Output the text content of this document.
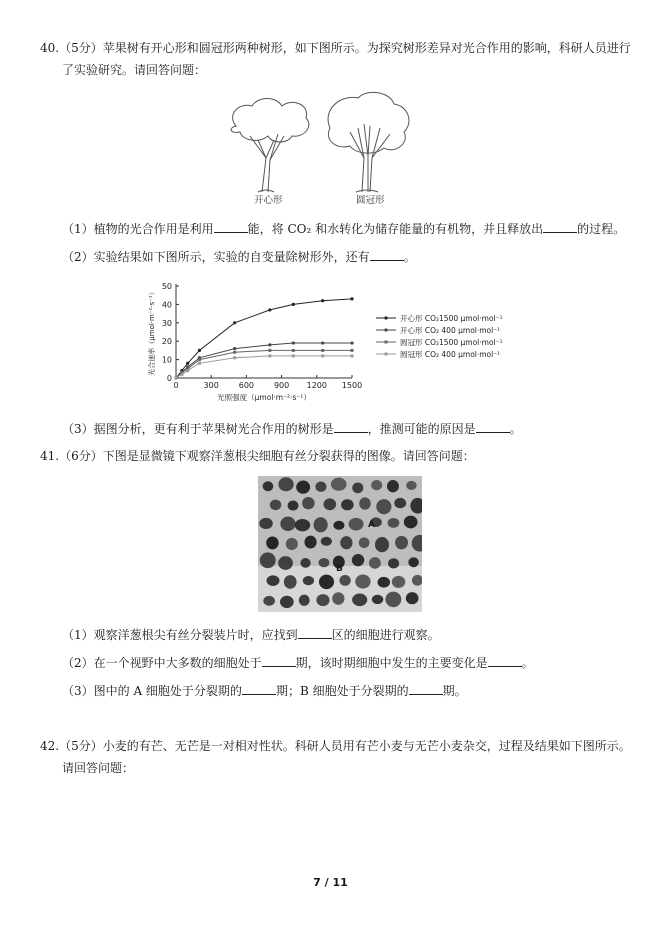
40.（5分）苹果树有开心形和圆冠形两种树形，如下图所示。为探究树形差异对光合作用的影响，科研人员进行
了实验研究。请回答问题：
开心形	圆冠形
（1）植物的光合作用是利用	能，将 CO₂ 和水转化为储存能量的有机物，并且释放出	的过程。
（2）实验结果如下图所示，实验的自变量除树形外，还有	。
0	300 600 900 1200 1500
0
10
20
30
40
50
光照强度（μmol·m⁻²·s⁻¹）
光合速率（μmol·m⁻²·s⁻¹）	开心形 CO₂1500 μmol·mol⁻¹
开心形 CO₂ 400 μmol·mol⁻¹
圆冠形 CO₂1500 μmol·mol⁻¹
圆冠形 CO₂ 400 μmol·mol⁻¹
（3）据图分析，更有利于苹果树光合作用的树形是	，推测可能的原因是	。
41.（6分）下图是显微镜下观察洋葱根尖细胞有丝分裂获得的图像。请回答问题：
A
B
（1）观察洋葱根尖有丝分裂装片时，应找到	区的细胞进行观察。
（2）在一个视野中大多数的细胞处于	期，该时期细胞中发生的主要变化是	。
（3）图中的 A 细胞处于分裂期的	期；B 细胞处于分裂期的	期。
42.（5分）小麦的有芒、无芒是一对相对性状。科研人员用有芒小麦与无芒小麦杂交，过程及结果如下图所示。
请回答问题：
7 / 11
